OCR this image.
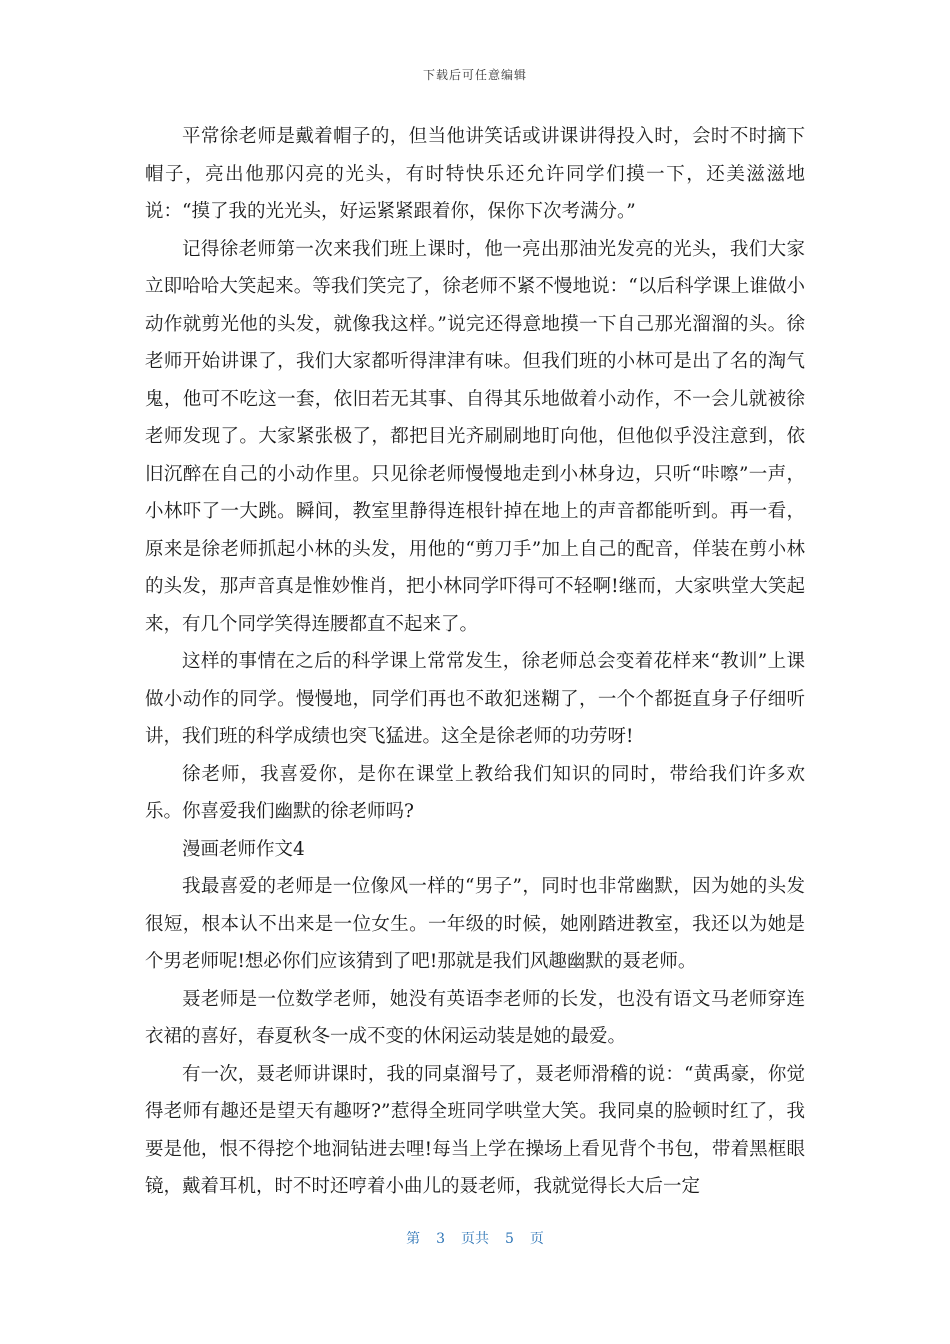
下载后可任意编辑

平常徐老师是戴着帽子的，但当他讲笑话或讲课讲得投入时，会时不时摘下帽子，亮出他那闪亮的光头，有时特快乐还允许同学们摸一下，还美滋滋地说：“摸了我的光光头，好运紧紧跟着你，保你下次考满分。”

记得徐老师第一次来我们班上课时，他一亮出那油光发亮的光头，我们大家立即哈哈大笑起来。等我们笑完了，徐老师不紧不慢地说：“以后科学课上谁做小动作就剪光他的头发，就像我这样。”说完还得意地摸一下自己那光溜溜的头。徐老师开始讲课了，我们大家都听得津津有味。但我们班的小林可是出了名的淘气鬼，他可不吃这一套，依旧若无其事、自得其乐地做着小动作，不一会儿就被徐老师发现了。大家紧张极了，都把目光齐刷刷地盯向他，但他似乎没注意到，依旧沉醉在自己的小动作里。只见徐老师慢慢地走到小林身边，只听“咔嚓”一声，小林吓了一大跳。瞬间，教室里静得连根针掉在地上的声音都能听到。再一看，原来是徐老师抓起小林的头发，用他的“剪刀手”加上自己的配音，佯装在剪小林的头发，那声音真是惟妙惟肖，把小林同学吓得可不轻啊!继而，大家哄堂大笑起来，有几个同学笑得连腰都直不起来了。

这样的事情在之后的科学课上常常发生，徐老师总会变着花样来“教训”上课做小动作的同学。慢慢地，同学们再也不敢犯迷糊了，一个个都挺直身子仔细听讲，我们班的科学成绩也突飞猛进。这全是徐老师的功劳呀!

徐老师，我喜爱你，是你在课堂上教给我们知识的同时，带给我们许多欢乐。你喜爱我们幽默的徐老师吗?

漫画老师作文4

我最喜爱的老师是一位像风一样的“男子”，同时也非常幽默，因为她的头发很短，根本认不出来是一位女生。一年级的时候，她刚踏进教室，我还以为她是个男老师呢!想必你们应该猜到了吧!那就是我们风趣幽默的聂老师。

聂老师是一位数学老师，她没有英语李老师的长发，也没有语文马老师穿连衣裙的喜好，春夏秋冬一成不变的休闲运动装是她的最爱。

有一次，聂老师讲课时，我的同桌溜号了，聂老师滑稽的说：“黄禹豪，你觉得老师有趣还是望天有趣呀?”惹得全班同学哄堂大笑。我同桌的脸顿时红了，我要是他，恨不得挖个地洞钻进去哩!每当上学在操场上看见背个书包，带着黑框眼镜，戴着耳机，时不时还哼着小曲儿的聂老师，我就觉得长大后一定

第 3 页共 5 页
